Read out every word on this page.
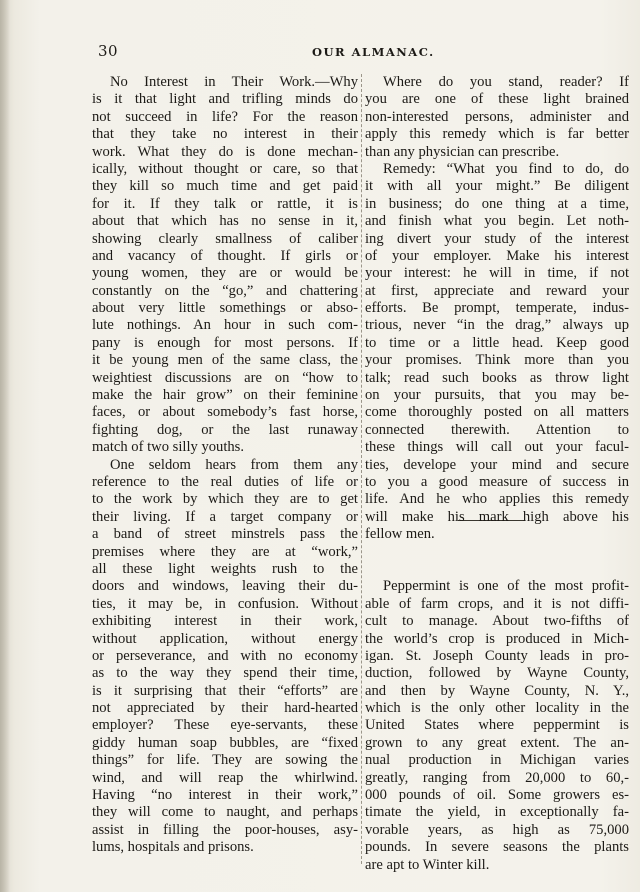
30	OUR ALMANAC.
No Interest in Their Work.—Why
is it that light and trifling minds do
not succeed in life? For the reason
that they take no interest in their
work. What they do is done mechan-
ically, without thought or care, so that
they kill so much time and get paid
for it. If they talk or rattle, it is
about that which has no sense in it,
showing clearly smallness of caliber
and vacancy of thought. If girls or
young women, they are or would be
constantly on the “go,” and chattering
about very little somethings or abso-
lute nothings. An hour in such com-
pany is enough for most persons. If
it be young men of the same class, the
weightiest discussions are on “how to
make the hair grow” on their feminine
faces, or about somebody’s fast horse,
fighting dog, or the last runaway
match of two silly youths.
One seldom hears from them any
reference to the real duties of life or
to the work by which they are to get
their living. If a target company or
a band of street minstrels pass the
premises where they are at “work,”
all these light weights rush to the
doors and windows, leaving their du-
ties, it may be, in confusion. Without
exhibiting interest in their work,
without application, without energy
or perseverance, and with no economy
as to the way they spend their time,
is it surprising that their “efforts” are
not appreciated by their hard-hearted
employer? These eye-servants, these
giddy human soap bubbles, are “fixed
things” for life. They are sowing the
wind, and will reap the whirlwind.
Having “no interest in their work,”
they will come to naught, and perhaps
assist in filling the poor-houses, asy-
lums, hospitals and prisons.
Where do you stand, reader? If
you are one of these light brained
non-interested persons, administer and
apply this remedy which is far better
than any physician can prescribe.
Remedy: “What you find to do, do
it with all your might.” Be diligent
in business; do one thing at a time,
and finish what you begin. Let noth-
ing divert your study of the interest
of your employer. Make his interest
your interest: he will in time, if not
at first, appreciate and reward your
efforts. Be prompt, temperate, indus-
trious, never “in the drag,” always up
to time or a little head. Keep good
your promises. Think more than you
talk; read such books as throw light
on your pursuits, that you may be-
come thoroughly posted on all matters
connected therewith. Attention to
these things will call out your facul-
ties, develope your mind and secure
to you a good measure of success in
life. And he who applies this remedy
will make his mark high above his
fellow men.
Peppermint is one of the most profit-
able of farm crops, and it is not diffi-
cult to manage. About two-fifths of
the world’s crop is produced in Mich-
igan. St. Joseph County leads in pro-
duction, followed by Wayne County,
and then by Wayne County, N. Y.,
which is the only other locality in the
United States where peppermint is
grown to any great extent. The an-
nual production in Michigan varies
greatly, ranging from 20,000 to 60,-
000 pounds of oil. Some growers es-
timate the yield, in exceptionally fa-
vorable years, as high as 75,000
pounds. In severe seasons the plants
are apt to Winter kill.
